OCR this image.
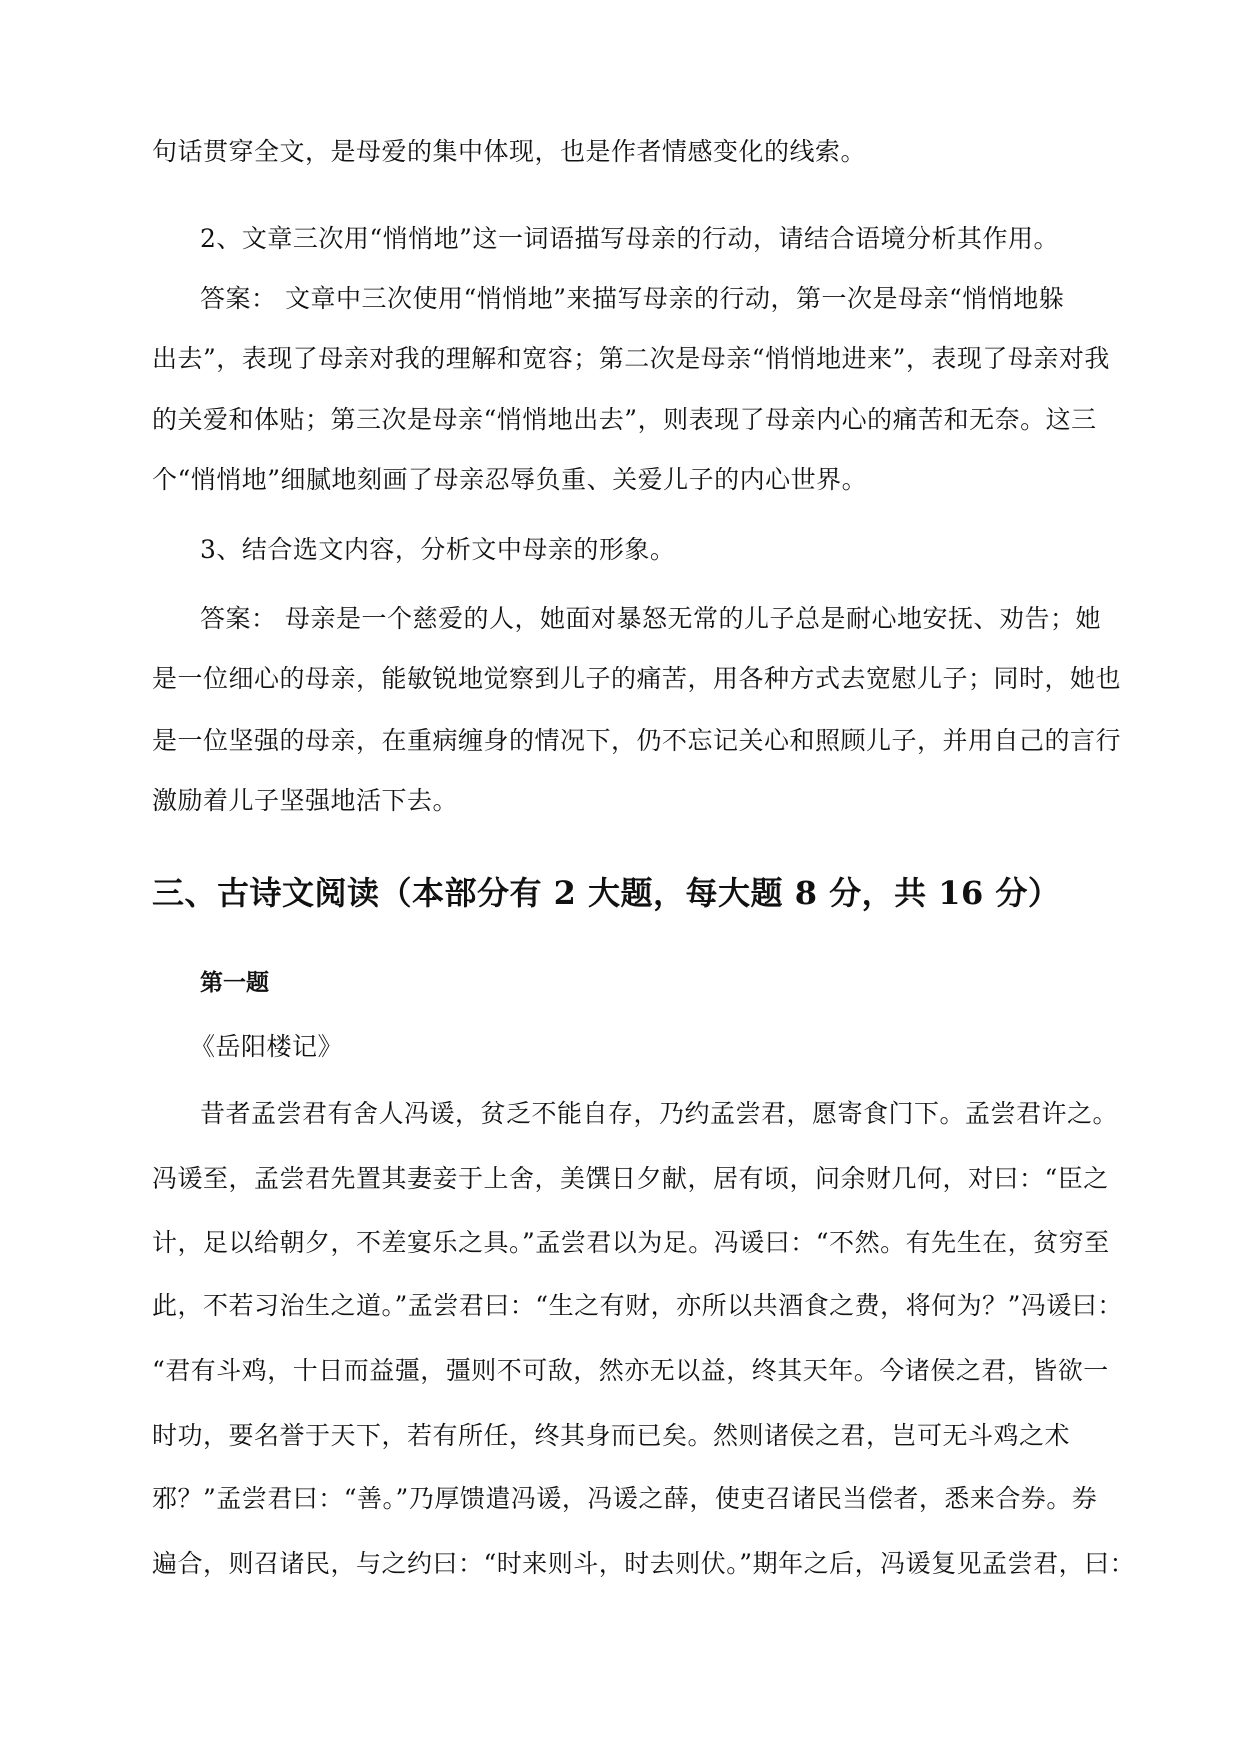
句话贯穿全文，是母爱的集中体现，也是作者情感变化的线索。
2、文章三次用“悄悄地”这一词语描写母亲的行动，请结合语境分析其作用。
答案： 文章中三次使用“悄悄地”来描写母亲的行动，第一次是母亲“悄悄地躲
出去”，表现了母亲对我的理解和宽容；第二次是母亲“悄悄地进来”，表现了母亲对我
的关爱和体贴；第三次是母亲“悄悄地出去”，则表现了母亲内心的痛苦和无奈。这三
个“悄悄地”细腻地刻画了母亲忍辱负重、关爱儿子的内心世界。
3、结合选文内容，分析文中母亲的形象。
答案： 母亲是一个慈爱的人，她面对暴怒无常的儿子总是耐心地安抚、劝告；她
是一位细心的母亲，能敏锐地觉察到儿子的痛苦，用各种方式去宽慰儿子；同时，她也
是一位坚强的母亲，在重病缠身的情况下，仍不忘记关心和照顾儿子，并用自己的言行
激励着儿子坚强地活下去。
三、古诗文阅读（本部分有 2 大题，每大题 8 分，共 16 分）
第一题
《岳阳楼记》
昔者孟尝君有舍人冯谖，贫乏不能自存，乃约孟尝君，愿寄食门下。孟尝君许之。
冯谖至，孟尝君先置其妻妾于上舍，美馔日夕献，居有顷，问余财几何，对曰：“臣之
计，足以给朝夕，不差宴乐之具。”孟尝君以为足。冯谖曰：“不然。有先生在，贫穷至
此，不若习治生之道。”孟尝君曰：“生之有财，亦所以共酒食之费，将何为？”冯谖曰：
“君有斗鸡，十日而益彊，彊则不可敌，然亦无以益，终其天年。今诸侯之君，皆欲一
时功，要名誉于天下，若有所任，终其身而已矣。然则诸侯之君，岂可无斗鸡之术
邪？”孟尝君曰：“善。”乃厚馈遣冯谖，冯谖之薛，使吏召诸民当偿者，悉来合券。券
遍合，则召诸民，与之约曰：“时来则斗，时去则伏。”期年之后，冯谖复见孟尝君，曰：
